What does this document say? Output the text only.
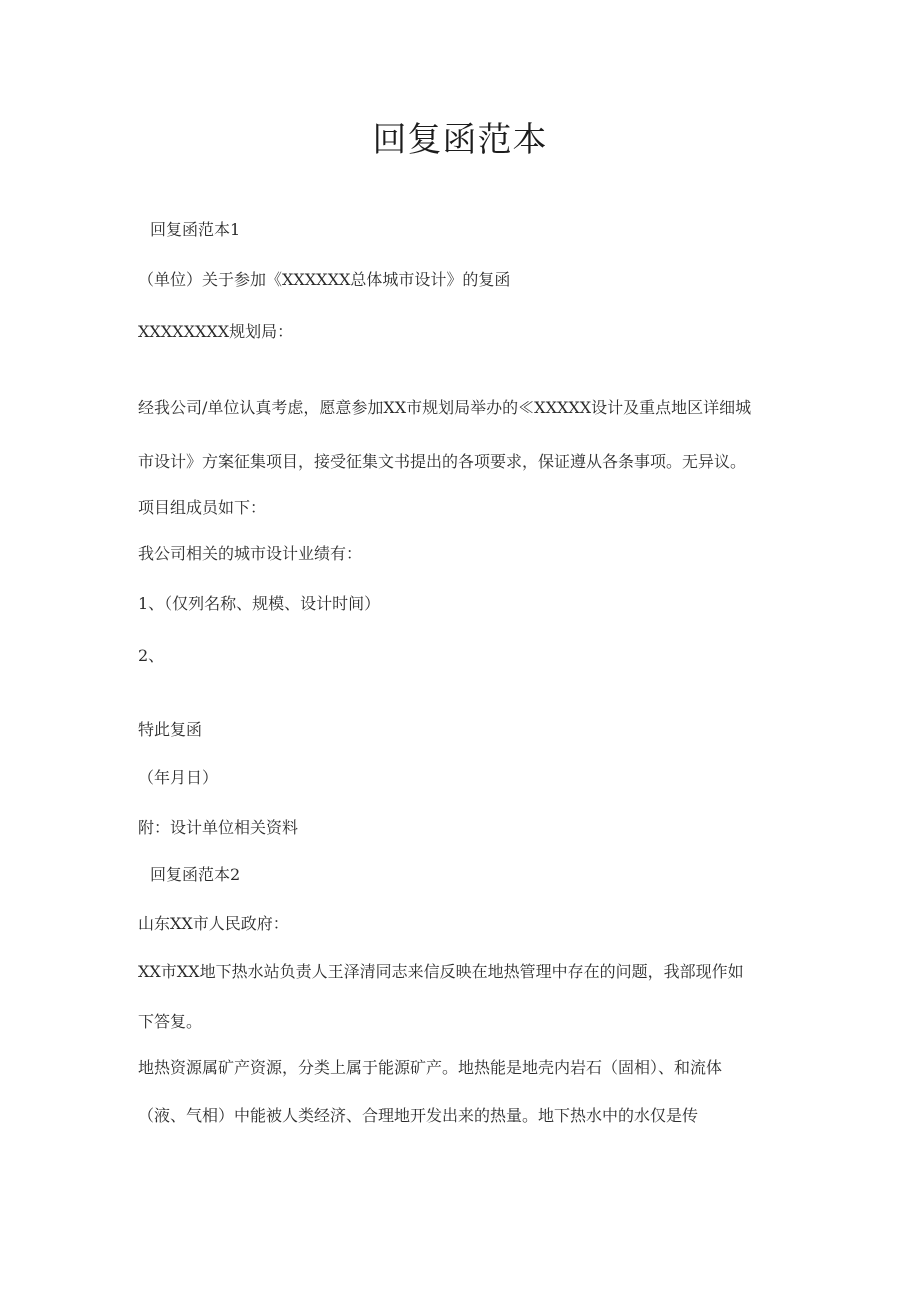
回复函范本
回复函范本1
（单位）关于参加《XXXXXX总体城市设计》的复函
XXXXXXXX规划局：
经我公司/单位认真考虑，愿意参加XX市规划局举办的≪XXXXX设计及重点地区详细城
市设计》方案征集项目，接受征集文书提出的各项要求，保证遵从各条事项。无异议。
项目组成员如下：
我公司相关的城市设计业绩有：
1、（仅列名称、规模、设计时间）
2、
特此复函
（年月日）
附：设计单位相关资料
回复函范本2
山东XX市人民政府：
XX市XX地下热水站负责人王泽清同志来信反映在地热管理中存在的问题，我部现作如
下答复。
地热资源属矿产资源，分类上属于能源矿产。地热能是地壳内岩石（固相）、和流体
（液、气相）中能被人类经济、合理地开发出来的热量。地下热水中的水仅是传
